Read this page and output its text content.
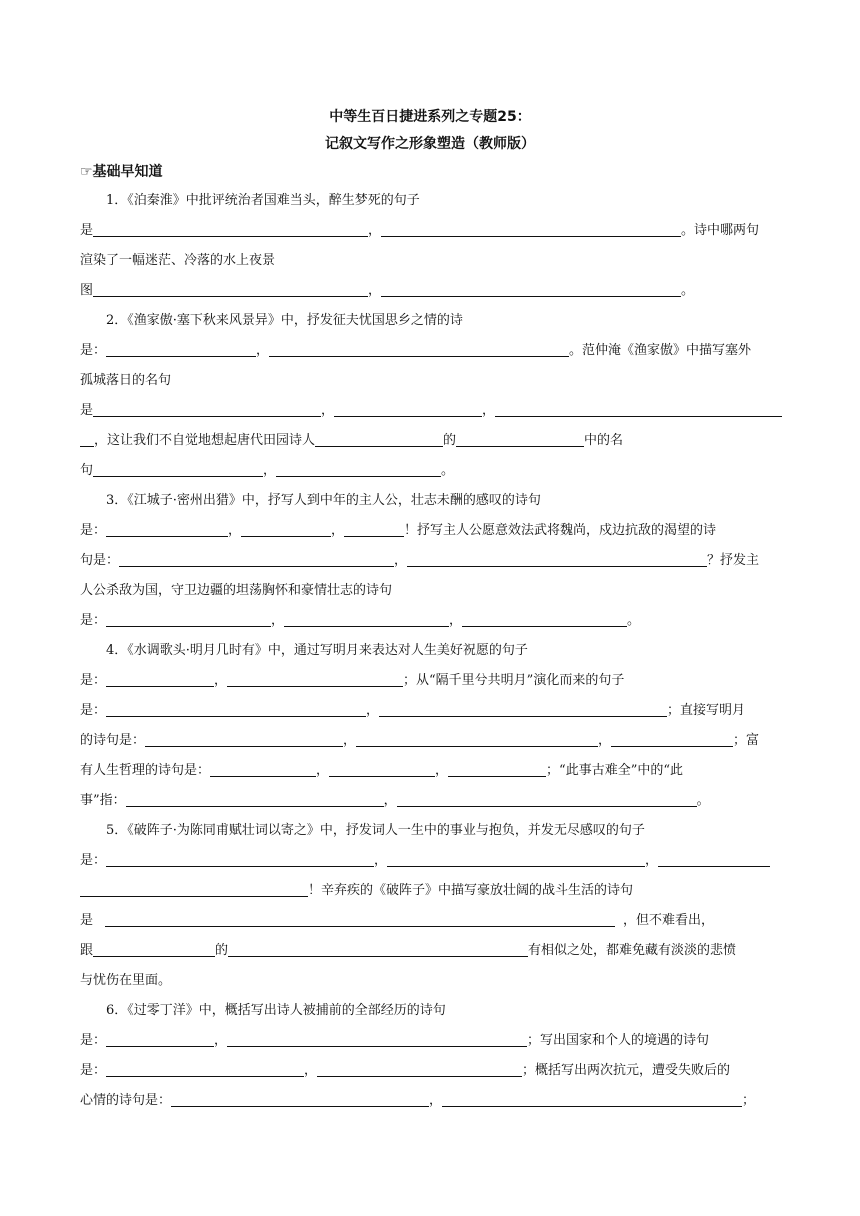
中等生百日捷进系列之专题25：
记叙文写作之形象塑造（教师版）
☞基础早知道
1．《泊秦淮》中批评统治者国难当头，醉生梦死的句子
是	，	。诗中哪两句
渲染了一幅迷茫、冷落的水上夜景
图	，	。
2．《渔家傲·塞下秋来风景异》中，抒发征夫忧国思乡之情的诗
是：	，	。范仲淹《渔家傲》中描写塞外
孤城落日的名句
是	，	，
，这让我们不自觉地想起唐代田园诗人	的	中的名
句	，	。
3．《江城子·密州出猎》中，抒写人到中年的主人公，壮志未酬的感叹的诗句
是：	，	，	！抒写主人公愿意效法武将魏尚，戍边抗敌的渴望的诗
句是：	，	？抒发主
人公杀敌为国，守卫边疆的坦荡胸怀和豪情壮志的诗句
是：	，	，	。
4．《水调歌头·明月几时有》中，通过写明月来表达对人生美好祝愿的句子
是：	，	；从“隔千里兮共明月”演化而来的句子
是：	，	；直接写明月
的诗句是：	，	，	；富
有人生哲理的诗句是：	，	，	；“此事古难全”中的“此
事”指：	，	。
5．《破阵子·为陈同甫赋壮词以寄之》中，抒发词人一生中的事业与抱负，并发无尽感叹的句子
是：	，	，
！辛弃疾的《破阵子》中描写豪放壮阔的战斗生活的诗句
是	，但不难看出，
跟	的	有相似之处，都难免藏有淡淡的悲愤
与忧伤在里面。
6．《过零丁洋》中，概括写出诗人被捕前的全部经历的诗句
是：	，	；写出国家和个人的境遇的诗句
是：	，	；概括写出两次抗元，遭受失败后的
心情的诗句是：	，	；
